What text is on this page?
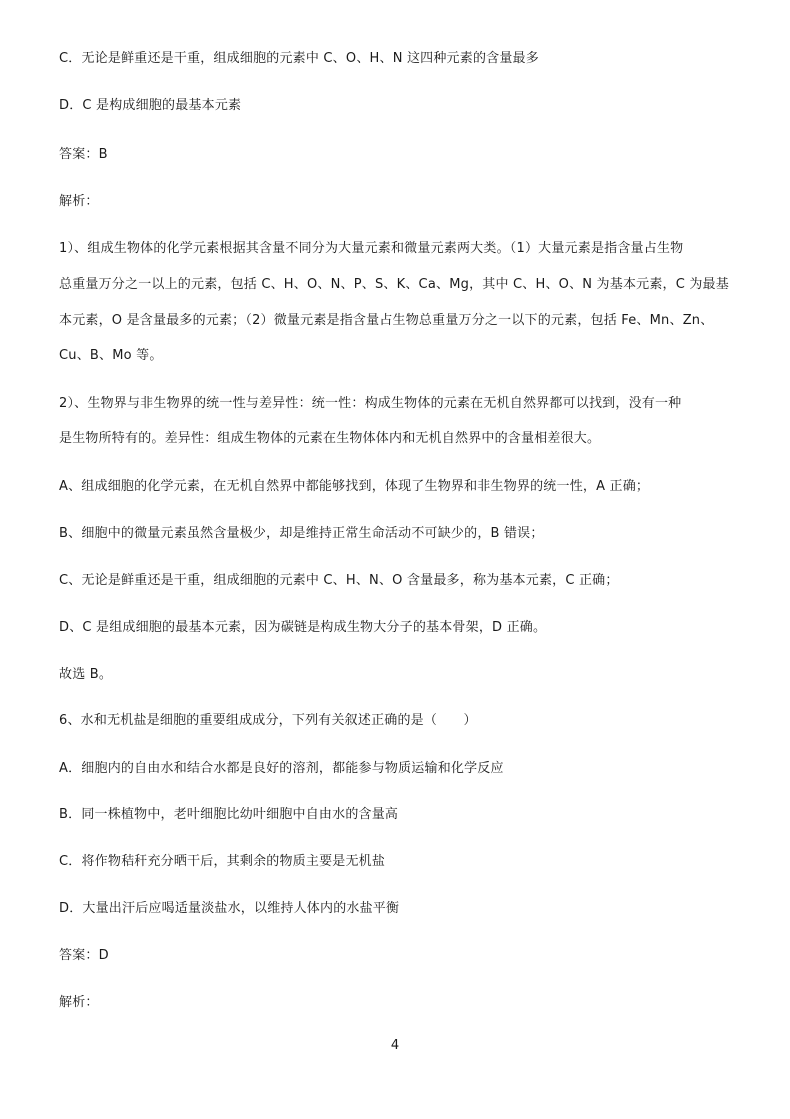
C．无论是鲜重还是干重，组成细胞的元素中 C、O、H、N 这四种元素的含量最多
D．C 是构成细胞的最基本元素
答案：B
解析：
1）、组成生物体的化学元素根据其含量不同分为大量元素和微量元素两大类。（1）大量元素是指含量占生物
总重量万分之一以上的元素，包括 C、H、O、N、P、S、K、Ca、Mg，其中 C、H、O、N 为基本元素，C 为最基
本元素，O 是含量最多的元素；（2）微量元素是指含量占生物总重量万分之一以下的元素，包括 Fe、Mn、Zn、
Cu、B、Mo 等。
2）、生物界与非生物界的统一性与差异性：统一性：构成生物体的元素在无机自然界都可以找到，没有一种
是生物所特有的。差异性：组成生物体的元素在生物体体内和无机自然界中的含量相差很大。
A、组成细胞的化学元素，在无机自然界中都能够找到，体现了生物界和非生物界的统一性，A 正确；
B、细胞中的微量元素虽然含量极少，却是维持正常生命活动不可缺少的，B 错误；
C、无论是鲜重还是干重，组成细胞的元素中 C、H、N、O 含量最多，称为基本元素，C 正确；
D、C 是组成细胞的最基本元素，因为碳链是构成生物大分子的基本骨架，D 正确。
故选 B。
6、水和无机盐是细胞的重要组成成分，下列有关叙述正确的是（　　）
A．细胞内的自由水和结合水都是良好的溶剂，都能参与物质运输和化学反应
B．同一株植物中，老叶细胞比幼叶细胞中自由水的含量高
C．将作物秸秆充分晒干后，其剩余的物质主要是无机盐
D．大量出汗后应喝适量淡盐水，以维持人体内的水盐平衡
答案：D
解析：
4
